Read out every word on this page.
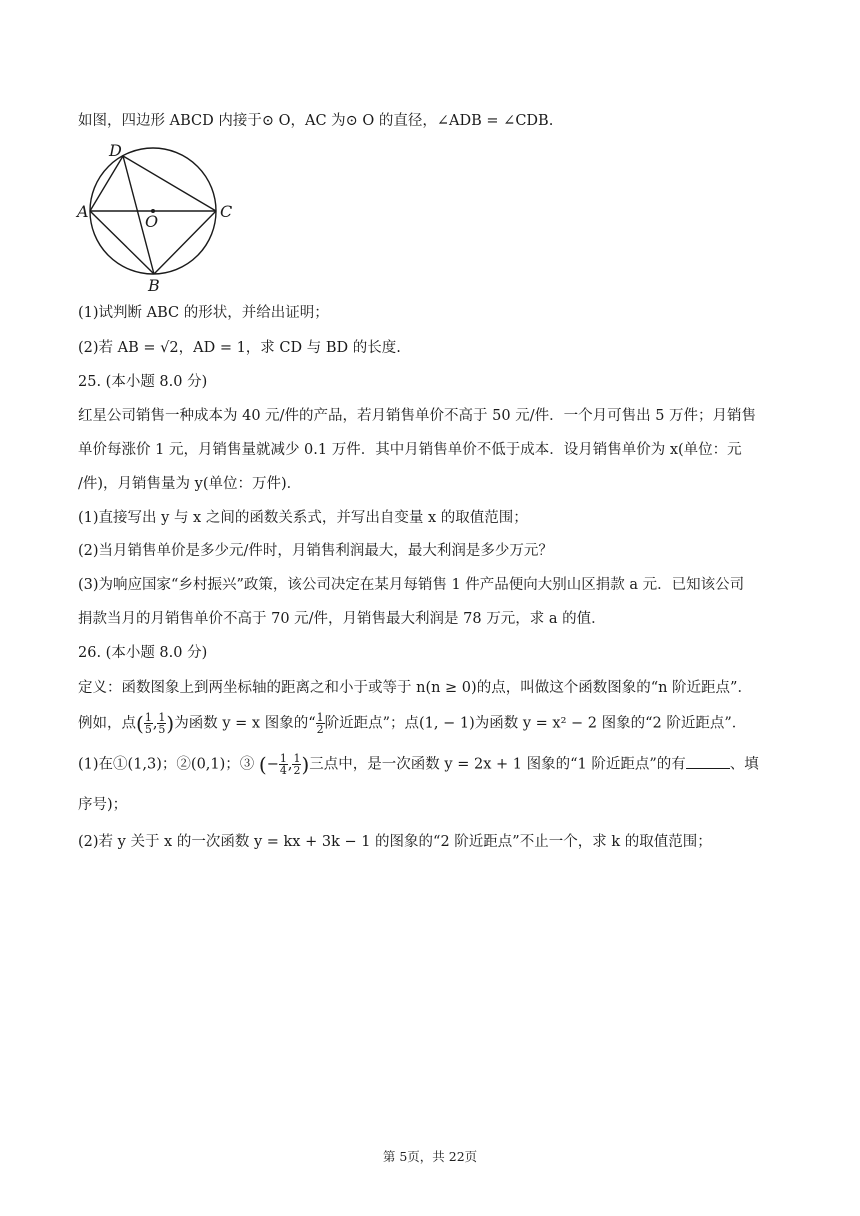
如图，四边形 ABCD 内接于⊙ O，AC 为⊙ O 的直径，∠ADB = ∠CDB.
D
A	C
O
B
(1)试判断 ABC 的形状，并给出证明；
(2)若 AB = √2，AD = 1，求 CD 与 BD 的长度.
25. (本小题 8.0 分)
红星公司销售一种成本为 40 元/件的产品，若月销售单价不高于 50 元/件．一个月可售出 5 万件；月销售
单价每涨价 1 元，月销售量就减少 0.1 万件．其中月销售单价不低于成本．设月销售单价为 x(单位：元
/件)，月销售量为 y(单位：万件)．
(1)直接写出 y 与 x 之间的函数关系式，并写出自变量 x 的取值范围；
(2)当月销售单价是多少元/件时，月销售利润最大，最大利润是多少万元？
(3)为响应国家“乡村振兴”政策，该公司决定在某月每销售 1 件产品便向大别山区捐款 a 元．已知该公司
捐款当月的月销售单价不高于 70 元/件，月销售最大利润是 78 万元，求 a 的值．
26. (本小题 8.0 分)
定义：函数图象上到两坐标轴的距离之和小于或等于 n(n ≥ 0)的点，叫做这个函数图象的“n 阶近距点”．
例如，点( $\frac{1}{5}$ , $\frac{1}{5}$ )为函数 y = x 图象的“ $\frac{1}{2}$ 阶近距点”；点(1, − 1)为函数 y = x² − 2 图象的“2 阶近距点”．
(1)在①(1,3)；②(0,1)；③ (− $\frac{1}{4}$ , $\frac{1}{2}$ )三点中，是一次函数 y = 2x + 1 图象的“1 阶近距点”的有	、填
序号)；
(2)若 y 关于 x 的一次函数 y = kx + 3k − 1 的图象的“2 阶近距点”不止一个，求 k 的取值范围；
第 5页，共 22页
